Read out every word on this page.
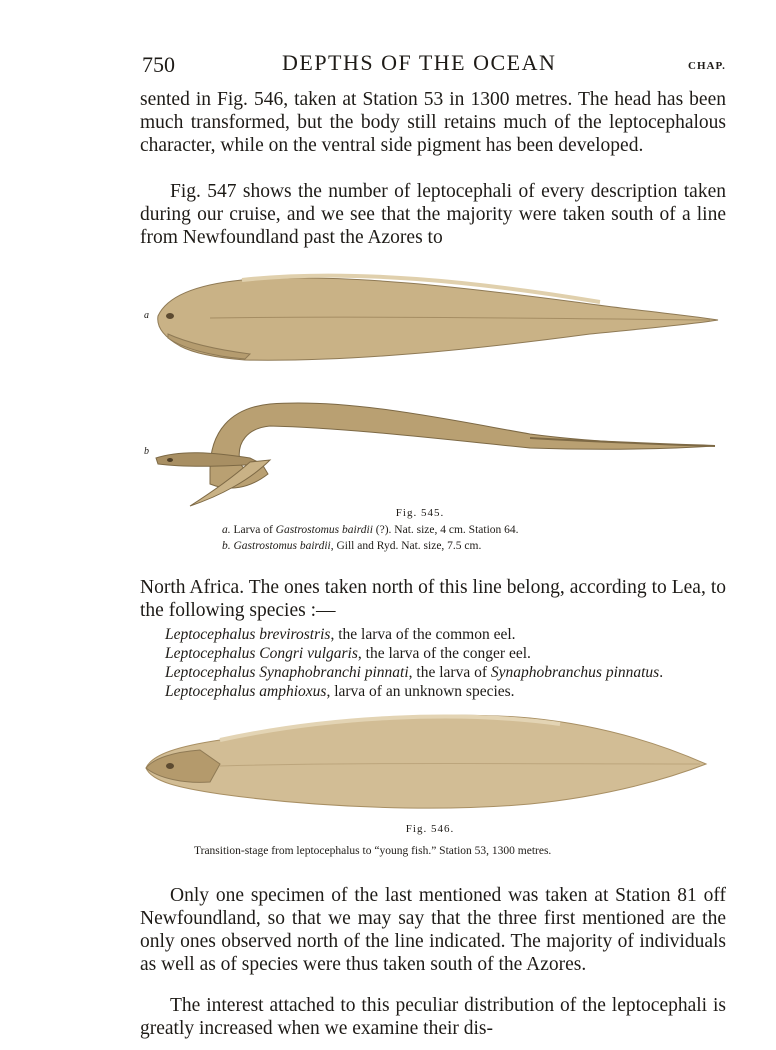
750	DEPTHS OF THE OCEAN	CHAP.

sented in Fig. 546, taken at Station 53 in 1300 metres. The head has been much transformed, but the body still retains much of the leptocephalous character, while on the ventral side pigment has been developed.

Fig. 547 shows the number of leptocephali of every description taken during our cruise, and we see that the majority were taken south of a line from Newfoundland past the Azores to

a
b
Fig. 545.
a. Larva of Gastrostomus bairdii (?). Nat. size, 4 cm. Station 64.
b. Gastrostomus bairdii, Gill and Ryd. Nat. size, 7.5 cm.

North Africa. The ones taken north of this line belong, according to Lea, to the following species :—

Leptocephalus brevirostris, the larva of the common eel.
Leptocephalus Congri vulgaris, the larva of the conger eel.
Leptocephalus Synaphobranchi pinnati, the larva of Synaphobranchus pinnatus.
Leptocephalus amphioxus, larva of an unknown species.
Fig. 546.
Transition-stage from leptocephalus to “young fish.” Station 53, 1300 metres.

Only one specimen of the last mentioned was taken at Station 81 off Newfoundland, so that we may say that the three first mentioned are the only ones observed north of the line indicated. The majority of individuals as well as of species were thus taken south of the Azores.

The interest attached to this peculiar distribution of the leptocephali is greatly increased when we examine their dis-
